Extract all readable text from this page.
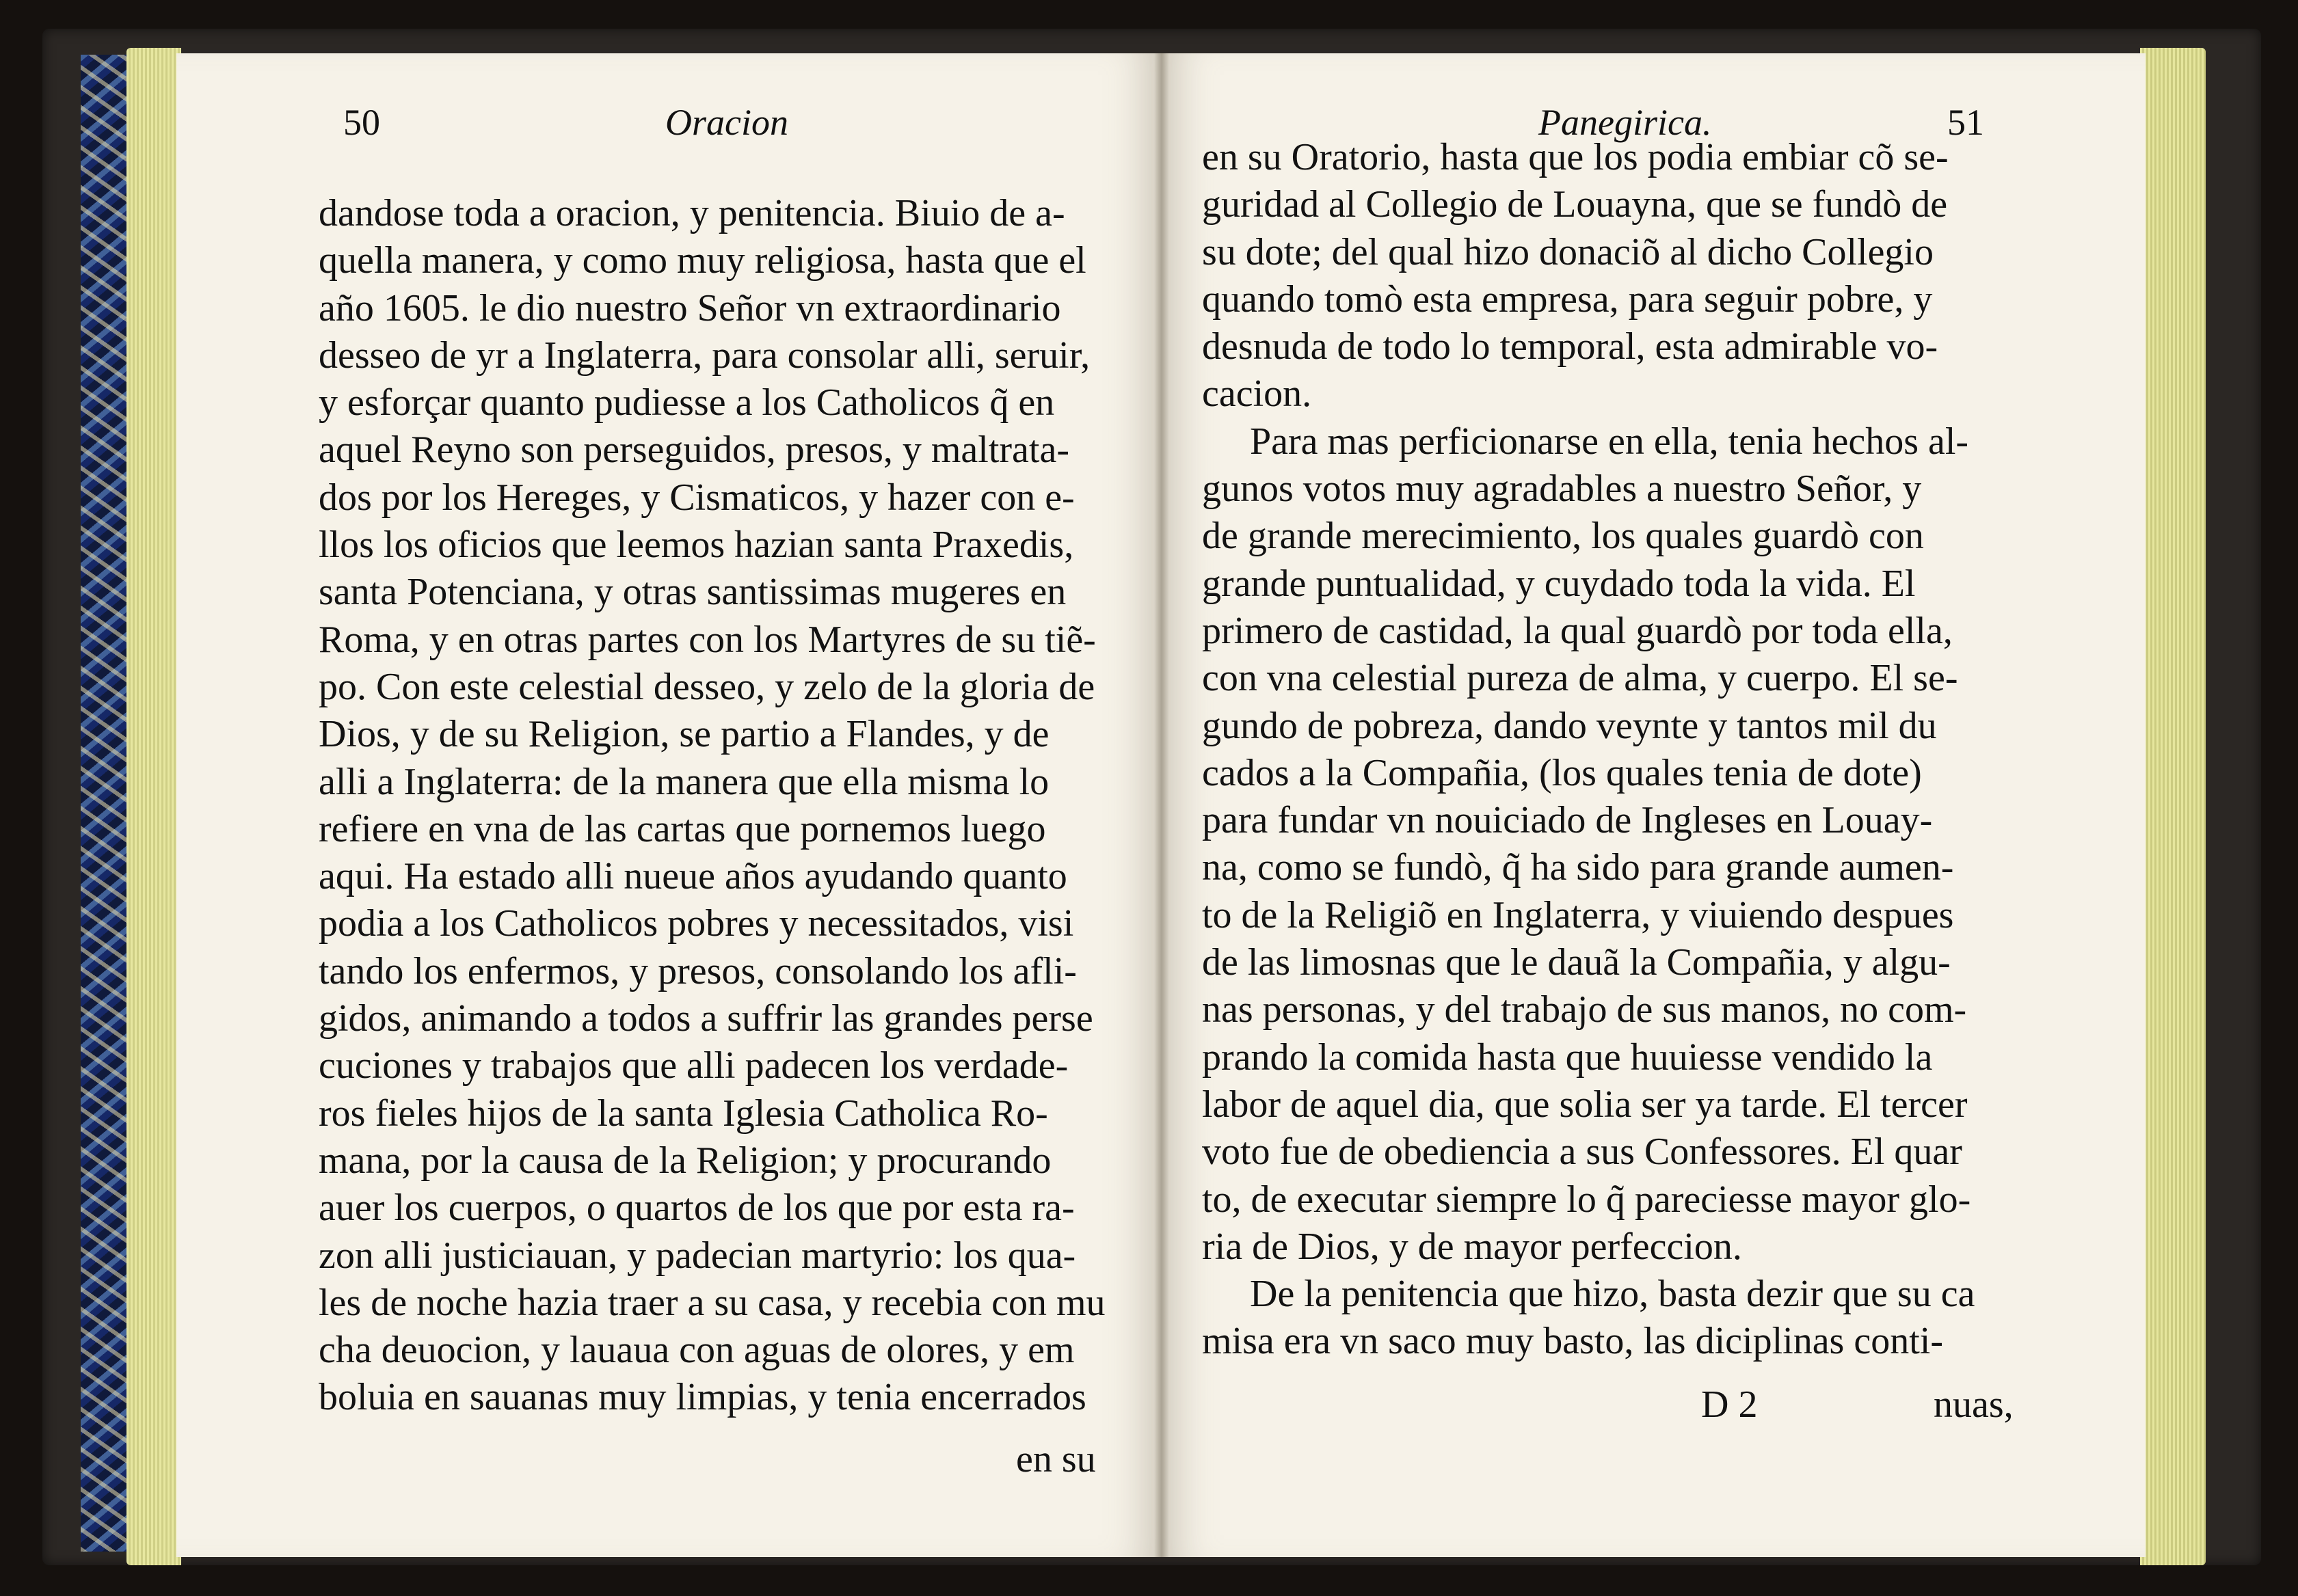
50	Oracion
dandose toda a oracion, y penitencia. Biuio de a-
quella manera, y como muy religiosa, hasta que el
año 1605. le dio nuestro Señor vn extraordinario
desseo de yr a Inglaterra, para consolar alli, seruir,
y esforçar quanto pudiesse a los Catholicos q̃ en
aquel Reyno son perseguidos, presos, y maltrata-
dos por los Hereges, y Cismaticos, y hazer con e-
llos los oficios que leemos hazian santa Praxedis,
santa Potenciana, y otras santissimas mugeres en
Roma, y en otras partes con los Martyres de su tiẽ-
po. Con este celestial desseo, y zelo de la gloria de
Dios, y de su Religion, se partio a Flandes, y de
alli a Inglaterra: de la manera que ella misma lo
refiere en vna de las cartas que pornemos luego
aqui. Ha estado alli nueue años ayudando quanto
podia a los Catholicos pobres y necessitados, visi
tando los enfermos, y presos, consolando los afli-
gidos, animando a todos a suffrir las grandes perse
cuciones y trabajos que alli padecen los verdade-
ros fieles hijos de la santa Iglesia Catholica Ro-
mana, por la causa de la Religion; y procurando
auer los cuerpos, o quartos de los que por esta ra-
zon alli justiciauan, y padecian martyrio: los qua-
les de noche hazia traer a su casa, y recebia con mu
cha deuocion, y lauaua con aguas de olores, y em
boluia en sauanas muy limpias, y tenia encerrados
en su
Panegirica.	51
en su Oratorio, hasta que los podia embiar cõ se-
guridad al Collegio de Louayna, que se fundò de
su dote; del qual hizo donaciõ al dicho Collegio
quando tomò esta empresa, para seguir pobre, y
desnuda de todo lo temporal, esta admirable vo-
cacion.
Para mas perficionarse en ella, tenia hechos al-
gunos votos muy agradables a nuestro Señor, y
de grande merecimiento, los quales guardò con
grande puntualidad, y cuydado toda la vida. El
primero de castidad, la qual guardò por toda ella,
con vna celestial pureza de alma, y cuerpo. El se-
gundo de pobreza, dando veynte y tantos mil du
cados a la Compañia, (los quales tenia de dote)
para fundar vn nouiciado de Ingleses en Louay-
na, como se fundò, q̃ ha sido para grande aumen-
to de la Religiõ en Inglaterra, y viuiendo despues
de las limosnas que le dauã la Compañia, y algu-
nas personas, y del trabajo de sus manos, no com-
prando la comida hasta que huuiesse vendido la
labor de aquel dia, que solia ser ya tarde. El tercer
voto fue de obediencia a sus Confessores. El quar
to, de executar siempre lo q̃ pareciesse mayor glo-
ria de Dios, y de mayor perfeccion.
De la penitencia que hizo, basta dezir que su ca
misa era vn saco muy basto, las diciplinas conti-
D 2	nuas,
